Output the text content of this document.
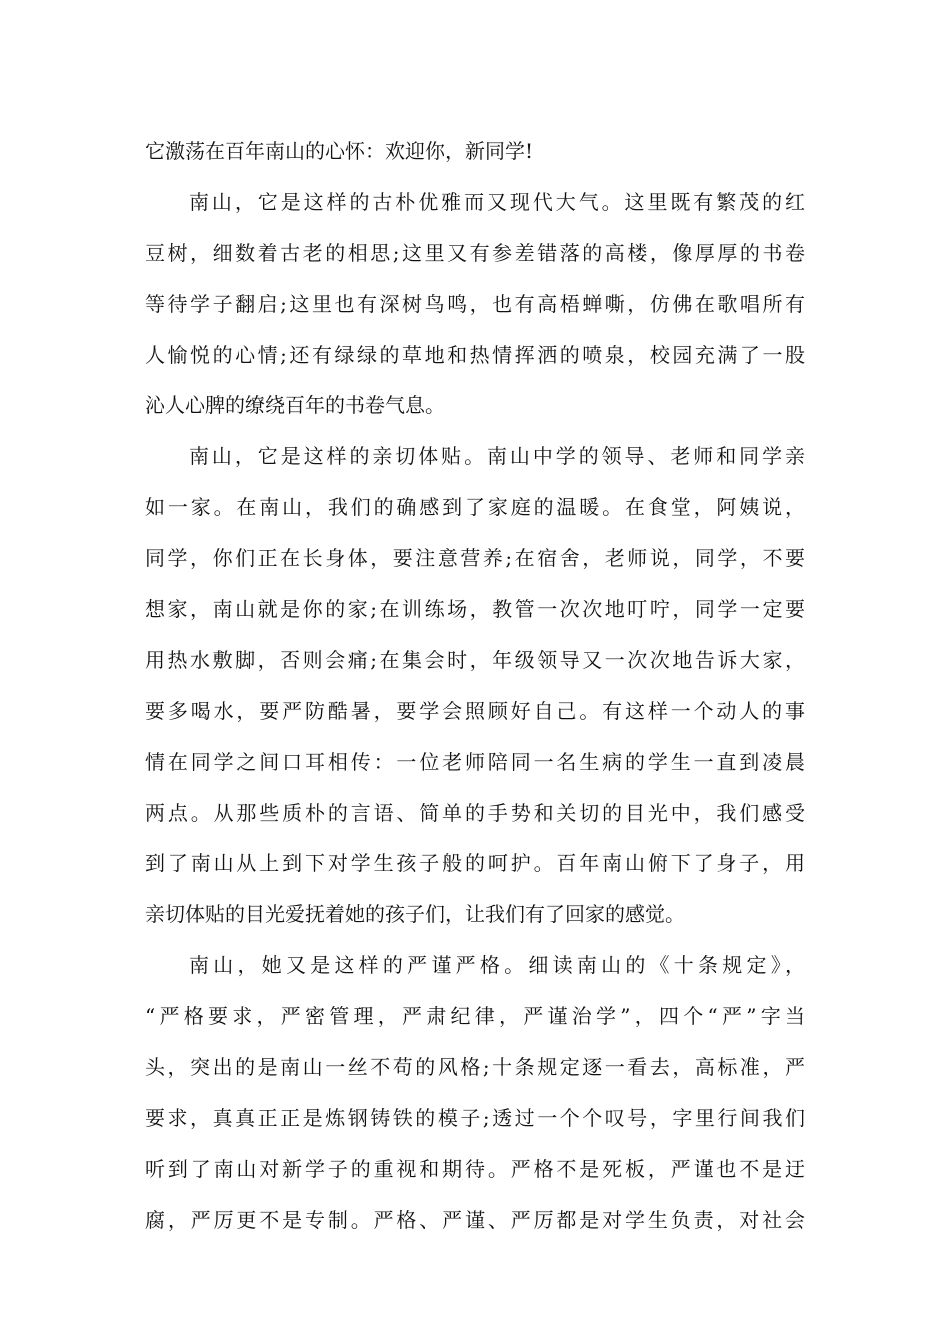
它激荡在百年南山的心怀：欢迎你，新同学!
南山，它是这样的古朴优雅而又现代大气。这里既有繁茂的红
豆树，细数着古老的相思;这里又有参差错落的高楼，像厚厚的书卷
等待学子翻启;这里也有深树鸟鸣，也有高梧蝉嘶，仿佛在歌唱所有
人愉悦的心情;还有绿绿的草地和热情挥洒的喷泉，校园充满了一股
沁人心脾的缭绕百年的书卷气息。
南山，它是这样的亲切体贴。南山中学的领导、老师和同学亲
如一家。在南山，我们的确感到了家庭的温暖。在食堂，阿姨说，
同学，你们正在长身体，要注意营养;在宿舍，老师说，同学，不要
想家，南山就是你的家;在训练场，教管一次次地叮咛，同学一定要
用热水敷脚，否则会痛;在集会时，年级领导又一次次地告诉大家，
要多喝水，要严防酷暑，要学会照顾好自己。有这样一个动人的事
情在同学之间口耳相传：一位老师陪同一名生病的学生一直到凌晨
两点。从那些质朴的言语、简单的手势和关切的目光中，我们感受
到了南山从上到下对学生孩子般的呵护。百年南山俯下了身子，用
亲切体贴的目光爱抚着她的孩子们，让我们有了回家的感觉。
南山，她又是这样的严谨严格。细读南山的《十条规定》，
“严格要求，严密管理，严肃纪律，严谨治学”，四个“严”字当
头，突出的是南山一丝不苟的风格;十条规定逐一看去，高标准，严
要求，真真正正是炼钢铸铁的模子;透过一个个叹号，字里行间我们
听到了南山对新学子的重视和期待。严格不是死板，严谨也不是迂
腐，严厉更不是专制。严格、严谨、严厉都是对学生负责，对社会
